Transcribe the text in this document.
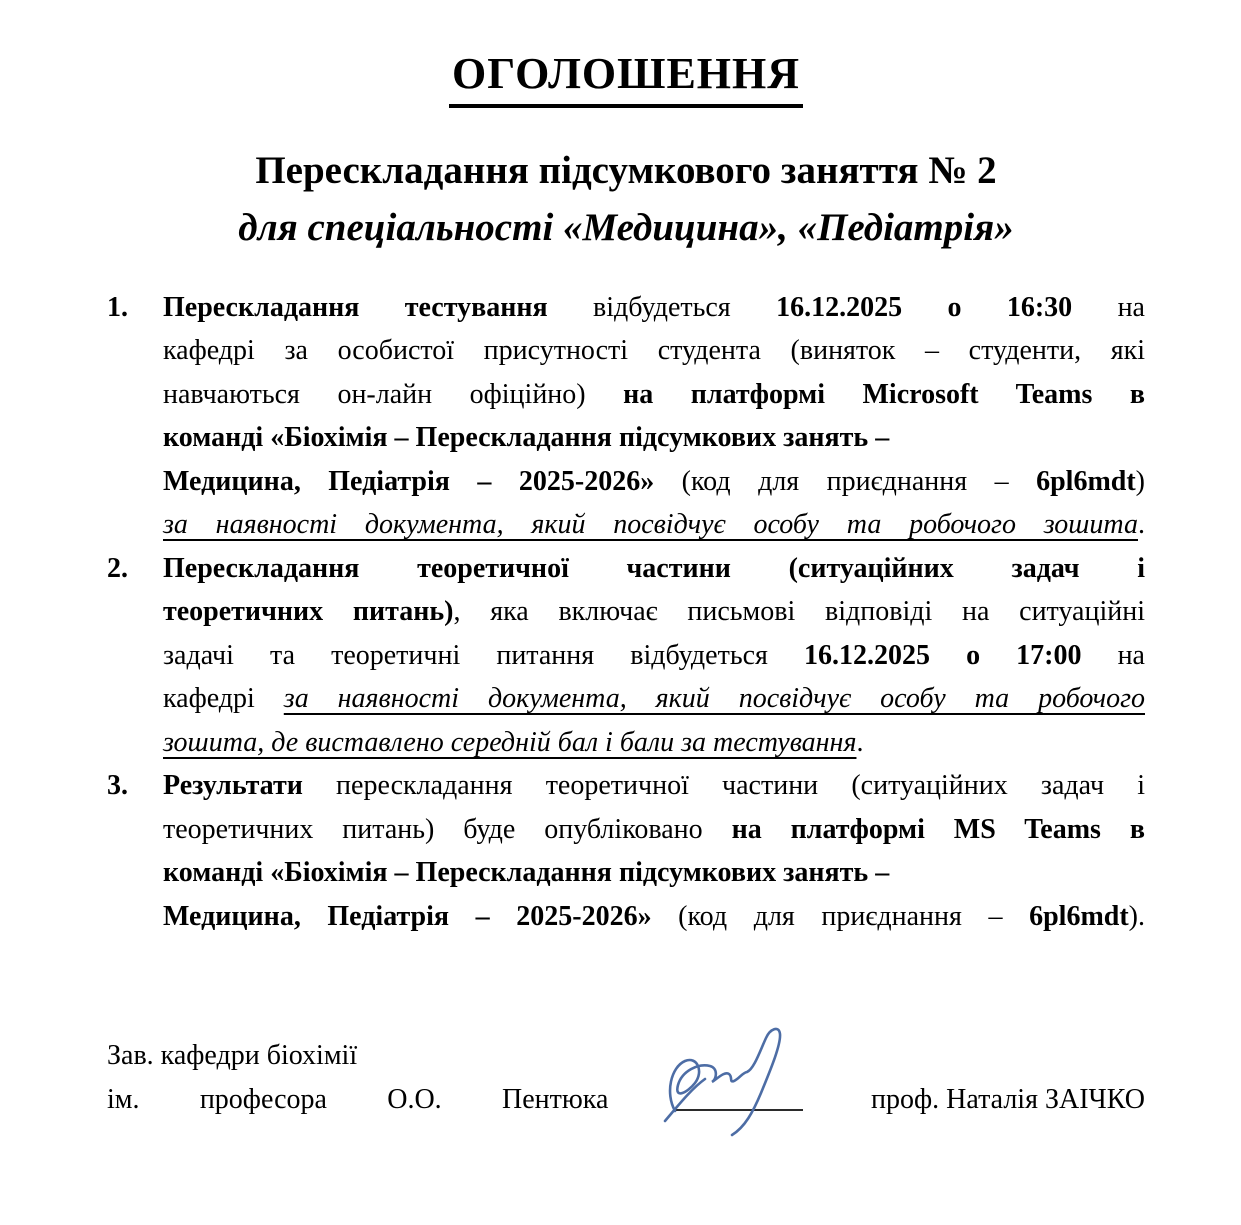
ОГОЛОШЕННЯ
Перескладання підсумкового заняття № 2
для спеціальності «Медицина», «Педіатрія»
1.	Перескладання тестування відбудеться 16.12.2025 о 16:30 на
кафедрі за особистої присутності студента (виняток – студенти, які
навчаються он-лайн офіційно) на платформі Microsoft Teams в
команді «Біохімія – Перескладання підсумкових занять –
Медицина, Педіатрія – 2025-2026» (код для приєднання – 6pl6mdt)
за наявності документа, який посвідчує особу та робочого зошита.
2.	Перескладання теоретичної частини (ситуаційних задач і
теоретичних питань), яка включає письмові відповіді на ситуаційні
задачі та теоретичні питання відбудеться 16.12.2025 о 17:00 на
кафедрі за наявності документа, який посвідчує особу та робочого
зошита, де виставлено середній бал і бали за тестування.
3.	Результати перескладання теоретичної частини (ситуаційних задач і
теоретичних питань) буде опубліковано на платформі MS Teams в
команді «Біохімія – Перескладання підсумкових занять –
Медицина, Педіатрія – 2025-2026» (код для приєднання – 6pl6mdt).
Зав. кафедри біохімії
ім. професора О.О. Пентюка	проф. Наталія ЗАІЧКО
